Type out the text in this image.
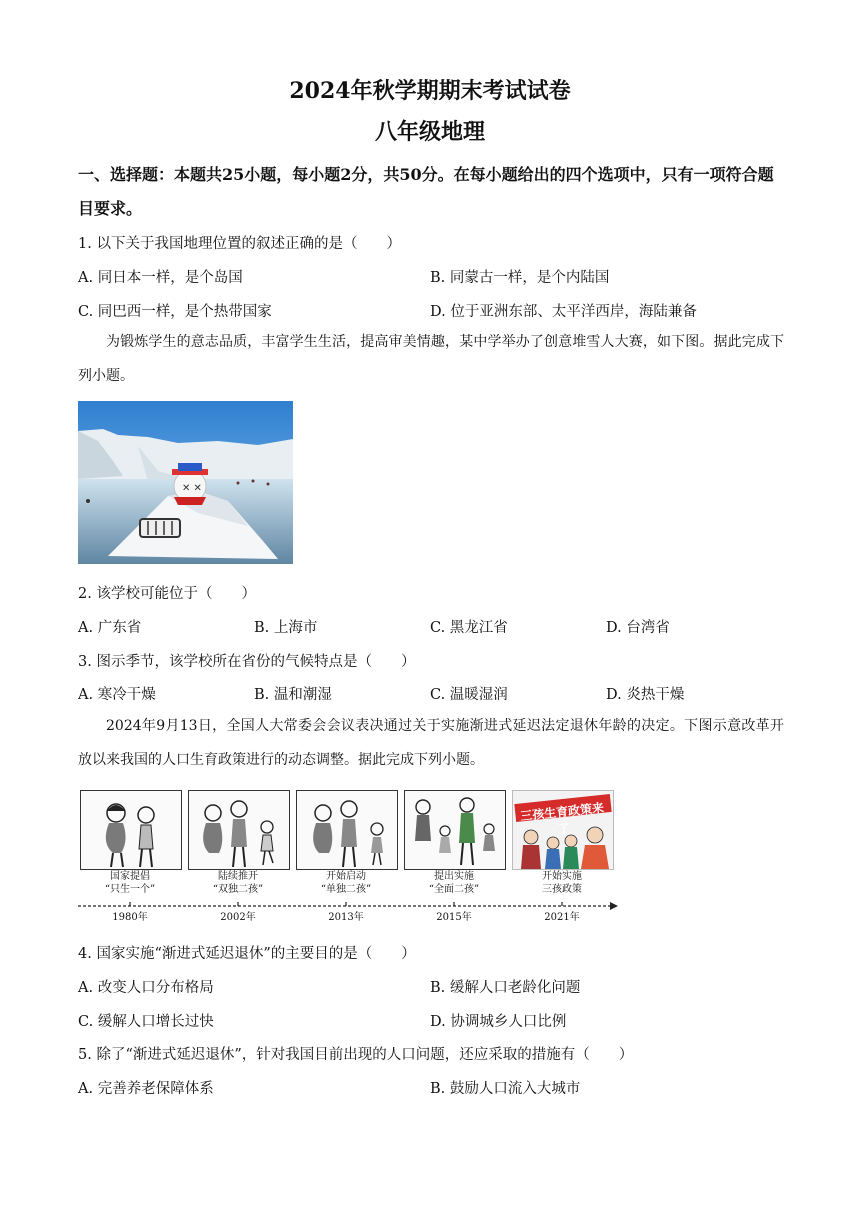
2024年秋学期期末考试试卷
八年级地理
一、选择题：本题共25小题，每小题2分，共50分。在每小题给出的四个选项中，只有一项符合题目要求。
1. 以下关于我国地理位置的叙述正确的是（　　）
A. 同日本一样，是个岛国	B. 同蒙古一样，是个内陆国
C. 同巴西一样，是个热带国家	D. 位于亚洲东部、太平洋西岸，海陆兼备
为锻炼学生的意志品质，丰富学生生活，提高审美情趣，某中学举办了创意堆雪人大赛，如下图。据此完成下列小题。
✕ ✕
2. 该学校可能位于（　　）
A. 广东省	B. 上海市	C. 黑龙江省	D. 台湾省
3. 图示季节，该学校所在省份的气候特点是（　　）
A. 寒冷干燥	B. 温和潮湿	C. 温暖湿润	D. 炎热干燥
2024年9月13日，全国人大常委会会议表决通过关于实施渐进式延迟法定退休年龄的决定。下图示意改革开放以来我国的人口生育政策进行的动态调整。据此完成下列小题。
三孩生育政策来了
国家提倡
“只生一个”
陆续推开
“双独二孩”
开始启动
“单独二孩”
提出实施
“全面二孩”
开始实施
三孩政策
1980年	2002年	2013年	2015年	2021年
4. 国家实施“渐进式延迟退休”的主要目的是（　　）
A. 改变人口分布格局	B. 缓解人口老龄化问题
C. 缓解人口增长过快	D. 协调城乡人口比例
5. 除了“渐进式延迟退休”，针对我国目前出现的人口问题，还应采取的措施有（　　）
A. 完善养老保障体系	B. 鼓励人口流入大城市
